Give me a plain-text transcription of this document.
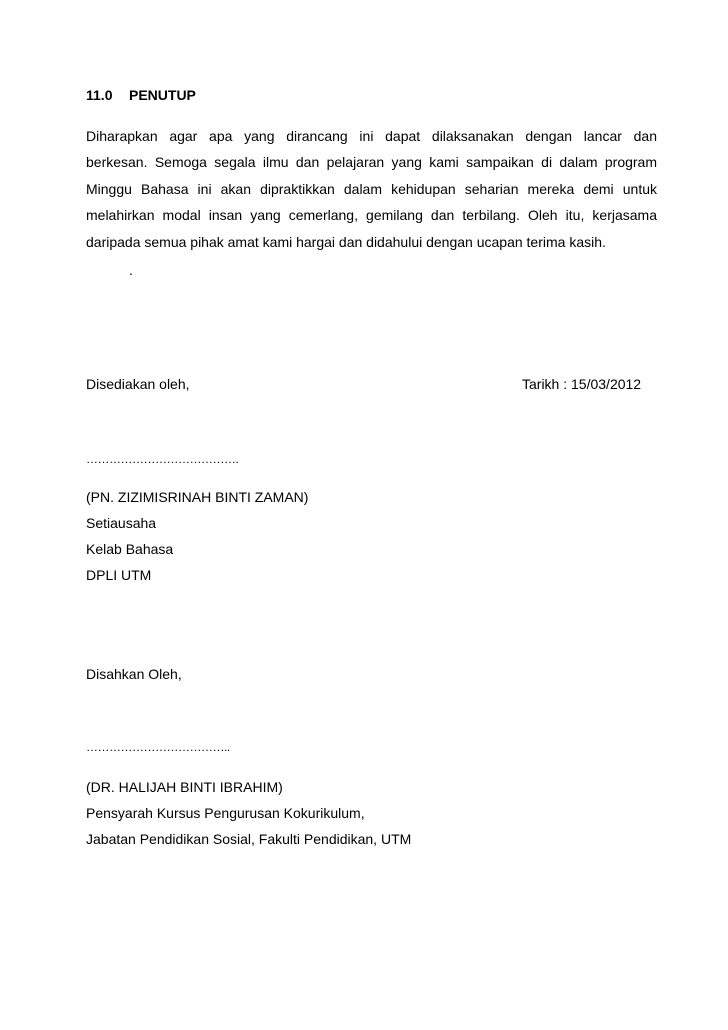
11.0 PENUTUP
Diharapkan agar apa yang dirancang ini dapat dilaksanakan dengan lancar dan
berkesan. Semoga segala ilmu dan pelajaran yang kami sampaikan di dalam program
Minggu Bahasa ini akan dipraktikkan dalam kehidupan seharian mereka demi untuk
melahirkan modal insan yang cemerlang, gemilang dan terbilang. Oleh itu, kerjasama
daripada semua pihak amat kami hargai dan didahului dengan ucapan terima kasih.
.
Disediakan oleh,	Tarikh : 15/03/2012
………………………………….
(PN. ZIZIMISRINAH BINTI ZAMAN)
Setiausaha
Kelab Bahasa
DPLI UTM
Disahkan Oleh,
………………………………..
(DR. HALIJAH BINTI IBRAHIM)
Pensyarah Kursus Pengurusan Kokurikulum,
Jabatan Pendidikan Sosial, Fakulti Pendidikan, UTM
